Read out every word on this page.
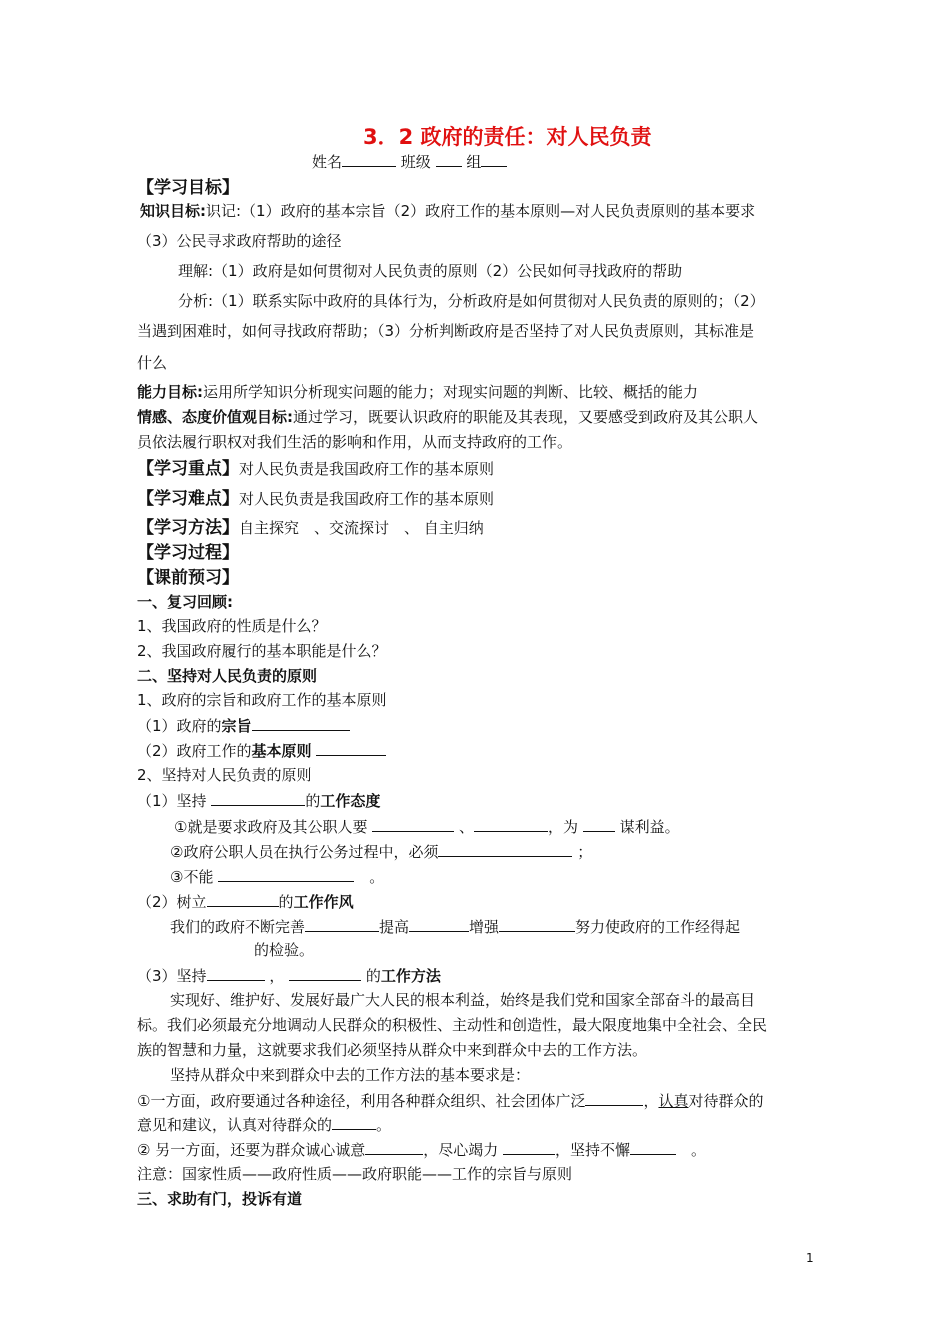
3．2 政府的责任：对人民负责
姓名	班级 组
【学习目标】
知识目标:识记:（1）政府的基本宗旨（2）政府工作的基本原则—对人民负责原则的基本要求
（3）公民寻求政府帮助的途径
理解:（1）政府是如何贯彻对人民负责的原则（2）公民如何寻找政府的帮助
分析:（1）联系实际中政府的具体行为，分析政府是如何贯彻对人民负责的原则的；（2）
当遇到困难时，如何寻找政府帮助；（3）分析判断政府是否坚持了对人民负责原则，其标准是
什么
能力目标:运用所学知识分析现实问题的能力；对现实问题的判断、比较、概括的能力
情感、态度价值观目标:通过学习，既要认识政府的职能及其表现，又要感受到政府及其公职人
员依法履行职权对我们生活的影响和作用，从而支持政府的工作。
【学习重点】对人民负责是我国政府工作的基本原则
【学习难点】对人民负责是我国政府工作的基本原则
【学习方法】自主探究　、交流探讨　、 自主归纳
【学习过程】
【课前预习】
一、复习回顾:
1、我国政府的性质是什么？
2、我国政府履行的基本职能是什么？
二、坚持对人民负责的原则
1、政府的宗旨和政府工作的基本原则
（1）政府的宗旨
（2）政府工作的基本原则
2、坚持对人民负责的原则
（1）坚持	的工作态度
①就是要求政府及其公职人要	、	，为	谋利益。
②政府公职人员在执行公务过程中，必须	；
③不能 　	。
（2）树立	的工作作风
我们的政府不断完善	提高	增强	努力使政府的工作经得起
的检验。
（3）坚持	，	的工作方法
实现好、维护好、发展好最广大人民的根本利益，始终是我们党和国家全部奋斗的最高目
标。我们必须最充分地调动人民群众的积极性、主动性和创造性，最大限度地集中全社会、全民
族的智慧和力量，这就要求我们必须坚持从群众中来到群众中去的工作方法。
坚持从群众中来到群众中去的工作方法的基本要求是：
①一方面，政府要通过各种途径，利用各种群众组织、社会团体广泛	，认真对待群众的
意见和建议，认真对待群众的	。
② 另一方面，还要为群众诚心诚意	，尽心竭力	，坚持不懈　	。
注意：国家性质——政府性质——政府职能——工作的宗旨与原则
三、求助有门，投诉有道
1
